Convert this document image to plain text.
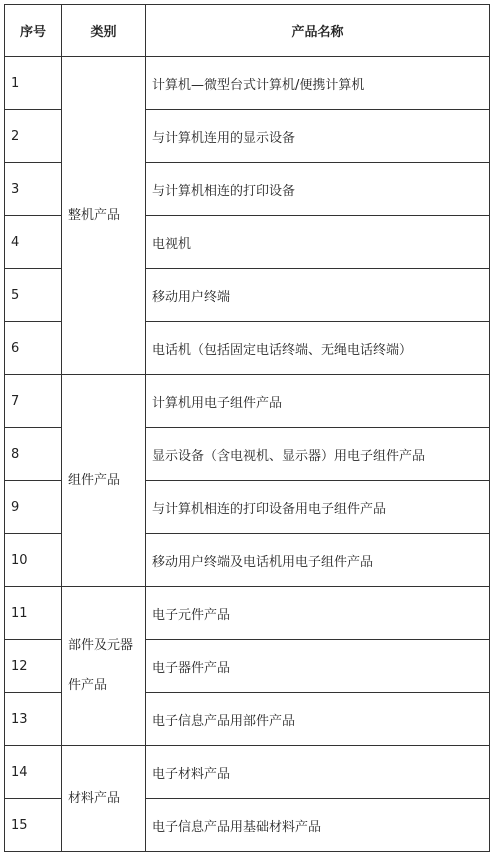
序号	类别	产品名称
1	整机产品	计算机—微型台式计算机/便携计算机
2		与计算机连用的显示设备
3		与计算机相连的打印设备
4		电视机
5		移动用户终端
6		电话机（包括固定电话终端、无绳电话终端）
7	组件产品	计算机用电子组件产品
8		显示设备（含电视机、显示器）用电子组件产品
9		与计算机相连的打印设备用电子组件产品
10		移动用户终端及电话机用电子组件产品
11	部件及元器件产品	电子元件产品
12		电子器件产品
13		电子信息产品用部件产品
14	材料产品	电子材料产品
15		电子信息产品用基础材料产品
